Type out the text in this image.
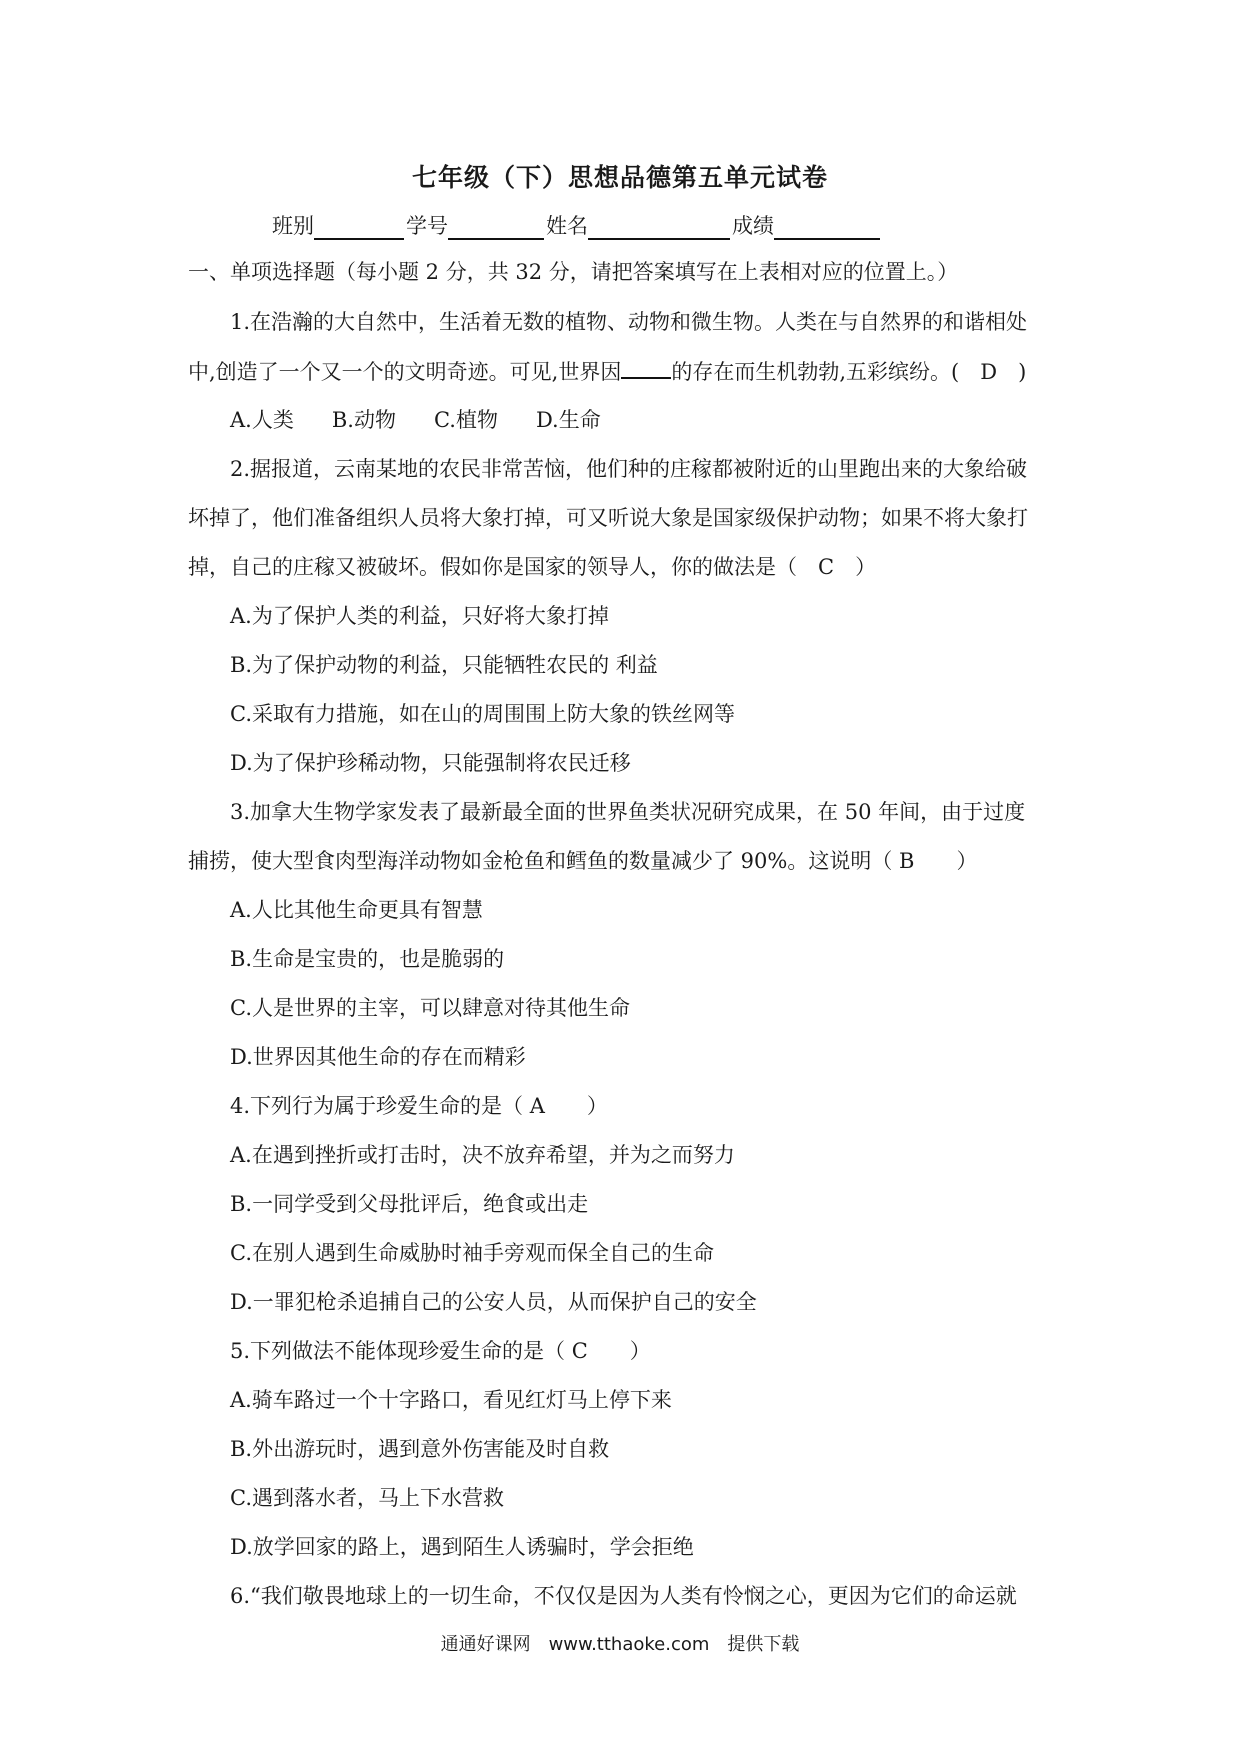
七年级（下）思想品德第五单元试卷
班别	学号	姓名	成绩
一、单项选择题（每小题 2 分，共 32 分，请把答案填写在上表相对应的位置上。）
1.在浩瀚的大自然中，生活着无数的植物、动物和微生物。人类在与自然界的和谐相处
中,创造了一个又一个的文明奇迹。可见,世界因 的存在而生机勃勃,五彩缤纷。(　D　)
A.人类 B.动物 C.植物 D.生命
2.据报道，云南某地的农民非常苦恼，他们种的庄稼都被附近的山里跑出来的大象给破
坏掉了，他们准备组织人员将大象打掉，可又听说大象是国家级保护动物；如果不将大象打
掉，自己的庄稼又被破坏。假如你是国家的领导人，你的做法是（　C　）
A.为了保护人类的利益，只好将大象打掉
B.为了保护动物的利益，只能牺牲农民的 利益
C.采取有力措施，如在山的周围围上防大象的铁丝网等
D.为了保护珍稀动物，只能强制将农民迁移
3.加拿大生物学家发表了最新最全面的世界鱼类状况研究成果，在 50 年间，由于过度
捕捞，使大型食肉型海洋动物如金枪鱼和鳕鱼的数量减少了 90%。这说明（ B　　）
A.人比其他生命更具有智慧
B.生命是宝贵的，也是脆弱的
C.人是世界的主宰，可以肆意对待其他生命
D.世界因其他生命的存在而精彩
4.下列行为属于珍爱生命的是（ A　　）
A.在遇到挫折或打击时，决不放弃希望，并为之而努力
B.一同学受到父母批评后，绝食或出走
C.在别人遇到生命威胁时袖手旁观而保全自己的生命
D.一罪犯枪杀追捕自己的公安人员，从而保护自己的安全
5.下列做法不能体现珍爱生命的是（ C　　）
A.骑车路过一个十字路口，看见红灯马上停下来
B.外出游玩时，遇到意外伤害能及时自救
C.遇到落水者，马上下水营救
D.放学回家的路上，遇到陌生人诱骗时，学会拒绝
6.“我们敬畏地球上的一切生命，不仅仅是因为人类有怜悯之心，更因为它们的命运就
通通好课网　www.tthaoke.com　提供下载
